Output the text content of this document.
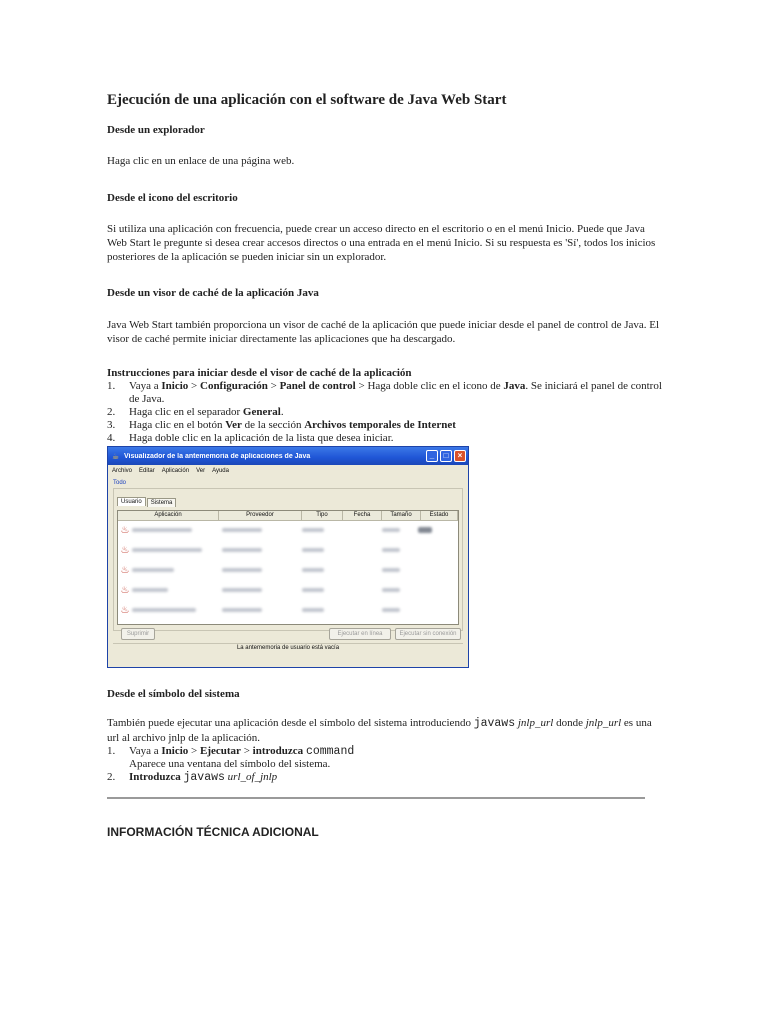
Ejecución de una aplicación con el software de Java Web Start
Desde un explorador
Haga clic en un enlace de una página web.
Desde el icono del escritorio
Si utiliza una aplicación con frecuencia, puede crear un acceso directo en el escritorio o en el menú Inicio. Puede que Java Web Start le pregunte si desea crear accesos directos o una entrada en el menú Inicio. Si su respuesta es 'Sí', todos los inicios posteriores de la aplicación se pueden iniciar sin un explorador.
Desde un visor de caché de la aplicación Java
Java Web Start también proporciona un visor de caché de la aplicación que puede iniciar desde el panel de control de Java. El visor de caché permite iniciar directamente las aplicaciones que ha descargado.
Instrucciones para iniciar desde el visor de caché de la aplicación
1.	Vaya a Inicio > Configuración > Panel de control > Haga doble clic en el icono de Java. Se iniciará el panel de control de Java.
2.	Haga clic en el separador General.
3.	Haga clic en el botón Ver de la sección Archivos temporales de Internet
4.	Haga doble clic en la aplicación de la lista que desea iniciar.
Desde el símbolo del sistema
También puede ejecutar una aplicación desde el símbolo del sistema introduciendo javaws jnlp_url donde jnlp_url es una url al archivo jnlp de la aplicación.
1.	Vaya a Inicio > Ejecutar > introduzca command
Aparece una ventana del símbolo del sistema.
2.	Introduzca javaws url_of_jnlp
INFORMACIÓN TÉCNICA ADICIONAL
☕ Visualizador de la antememoria de aplicaciones de Java	_	□	×
Archivo Editar Aplicación Ver Ayuda
Todo
Usuario	Sistema
Aplicación	Proveedor	Tipo	Fecha	Tamaño	Estado
♨
♨
♨
♨
♨
Suprimir	Ejecutar en línea	Ejecutar sin conexión
La antememoria de usuario está vacía
